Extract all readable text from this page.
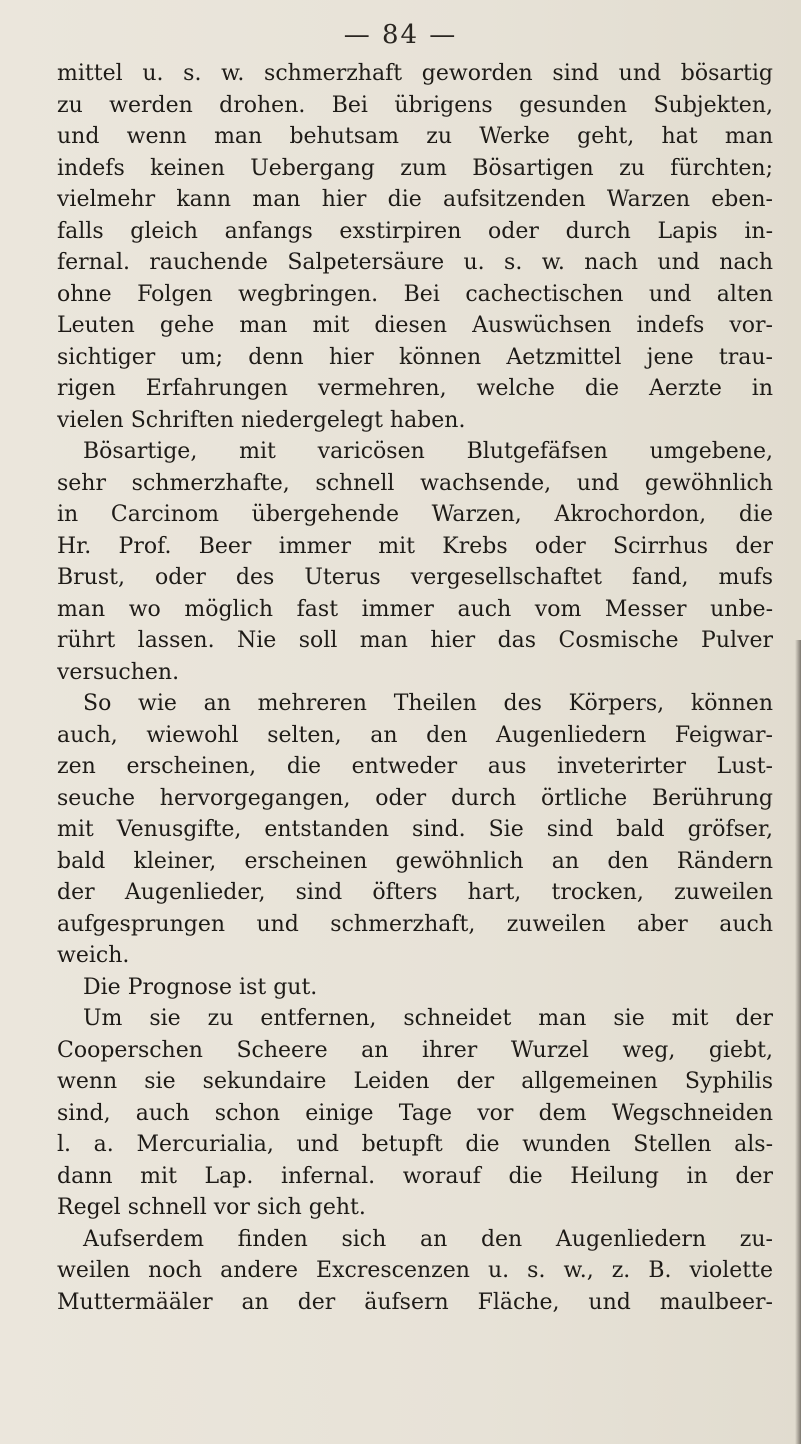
— 84 —
mittel u. s. w. schmerzhaft geworden sind und bösartig
zu werden drohen. Bei übrigens gesunden Subjekten,
und wenn man behutsam zu Werke geht, hat man
indefs keinen Uebergang zum Bösartigen zu fürchten;
vielmehr kann man hier die aufsitzenden Warzen eben-
falls gleich anfangs exstirpiren oder durch Lapis in-
fernal. rauchende Salpetersäure u. s. w. nach und nach
ohne Folgen wegbringen. Bei cachectischen und alten
Leuten gehe man mit diesen Auswüchsen indefs vor-
sichtiger um; denn hier können Aetzmittel jene trau-
rigen Erfahrungen vermehren, welche die Aerzte in
vielen Schriften niedergelegt haben.
Bösartige, mit varicösen Blutgefäfsen umgebene,
sehr schmerzhafte, schnell wachsende, und gewöhnlich
in Carcinom übergehende Warzen, Akrochordon, die
Hr. Prof. Beer immer mit Krebs oder Scirrhus der
Brust, oder des Uterus vergesellschaftet fand, mufs
man wo möglich fast immer auch vom Messer unbe-
rührt lassen. Nie soll man hier das Cosmische Pulver
versuchen.
So wie an mehreren Theilen des Körpers, können
auch, wiewohl selten, an den Augenliedern Feigwar-
zen erscheinen, die entweder aus inveterirter Lust-
seuche hervorgegangen, oder durch örtliche Berührung
mit Venusgifte, entstanden sind. Sie sind bald gröfser,
bald kleiner, erscheinen gewöhnlich an den Rändern
der Augenlieder, sind öfters hart, trocken, zuweilen
aufgesprungen und schmerzhaft, zuweilen aber auch
weich.
Die Prognose ist gut.
Um sie zu entfernen, schneidet man sie mit der
Cooperschen Scheere an ihrer Wurzel weg, giebt,
wenn sie sekundaire Leiden der allgemeinen Syphilis
sind, auch schon einige Tage vor dem Wegschneiden
l. a. Mercurialia, und betupft die wunden Stellen als-
dann mit Lap. infernal. worauf die Heilung in der
Regel schnell vor sich geht.
Aufserdem finden sich an den Augenliedern zu-
weilen noch andere Excrescenzen u. s. w., z. B. violette
Muttermääler an der äufsern Fläche, und maulbeer-
